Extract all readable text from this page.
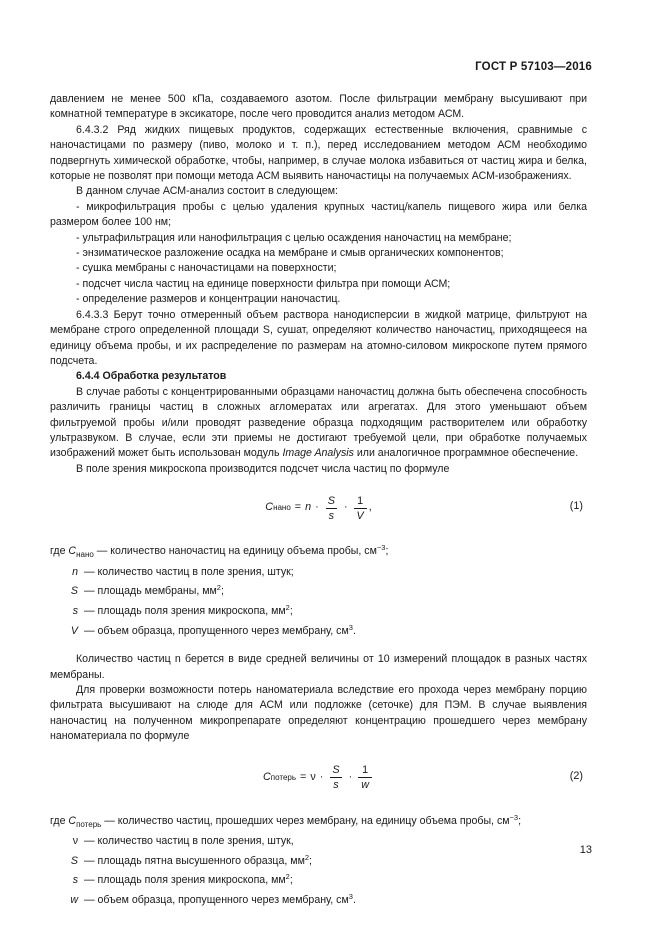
ГОСТ Р 57103—2016

давлением не менее 500 кПа, создаваемого азотом. После фильтрации мембрану высушивают при комнатной температуре в эксикаторе, после чего проводится анализ методом АСМ.

6.4.3.2 Ряд жидких пищевых продуктов, содержащих естественные включения, сравнимые с наночастицами по размеру (пиво, молоко и т. п.), перед исследованием методом АСМ необходимо подвергнуть химической обработке, чтобы, например, в случае молока избавиться от частиц жира и белка, которые не позволят при помощи метода АСМ выявить наночастицы на получаемых АСМ-изображениях.

В данном случае АСМ-анализ состоит в следующем:

- микрофильтрация пробы с целью удаления крупных частиц/капель пищевого жира или белка размером более 100 нм;

- ультрафильтрация или нанофильтрация с целью осаждения наночастиц на мембране;

- энзиматическое разложение осадка на мембране и смыв органических компонентов;

- сушка мембраны с наночастицами на поверхности;

- подсчет числа частиц на единице поверхности фильтра при помощи АСМ;

- определение размеров и концентрации наночастиц.

6.4.3.3 Берут точно отмеренный объем раствора нанодисперсии в жидкой матрице, фильтруют на мембране строго определенной площади S, сушат, определяют количество наночастиц, приходящееся на единицу объема пробы, и их распределение по размерам на атомно-силовом микроскопе путем прямого подсчета.

6.4.4 Обработка результатов

В случае работы с концентрированными образцами наночастиц должна быть обеспечена способность различить границы частиц в сложных агломератах или агрегатах. Для этого уменьшают объем фильтруемой пробы и/или проводят разведение образца подходящим растворителем или обработку ультразвуком. В случае, если эти приемы не достигают требуемой цели, при обработке получаемых изображений может быть использован модуль Image Analysis или аналогичное программное обеспечение.

В поле зрения микроскопа производится подсчет числа частиц по формуле

C нано = $n \cdot \frac{S}{s} \cdot \frac{1}{V}$ ,	(1)

где $C_{нано}$ — количество наночастиц на единицу объема пробы, $см^{-3}$;

n — количество частиц в поле зрения, штук;

S — площадь мембраны, $мм^2$;

s — площадь поля зрения микроскопа, $мм^2$;

V — объем образца, пропущенного через мембрану, $см^3$.

Количество частиц n берется в виде средней величины от 10 измерений площадок в разных частях мембраны.

Для проверки возможности потерь наноматериала вследствие его прохода через мембрану порцию фильтрата высушивают на слюде для АСМ или подложке (сеточке) для ПЭМ. В случае выявления наночастиц на полученном микропрепарате определяют концентрацию прошедшего через мембрану наноматериала по формуле

C потерь = $\nu \cdot \frac{S}{s} \cdot \frac{1}{w}$	(2)

где $C_{потерь}$ — количество частиц, прошедших через мембрану, на единицу объема пробы, $см^{-3}$;

ν — количество частиц в поле зрения, штук,

S — площадь пятна высушенного образца, $мм^2$;

s — площадь поля зрения микроскопа, $мм^2$;

w — объем образца, пропущенного через мембрану, $см^3$.

13
